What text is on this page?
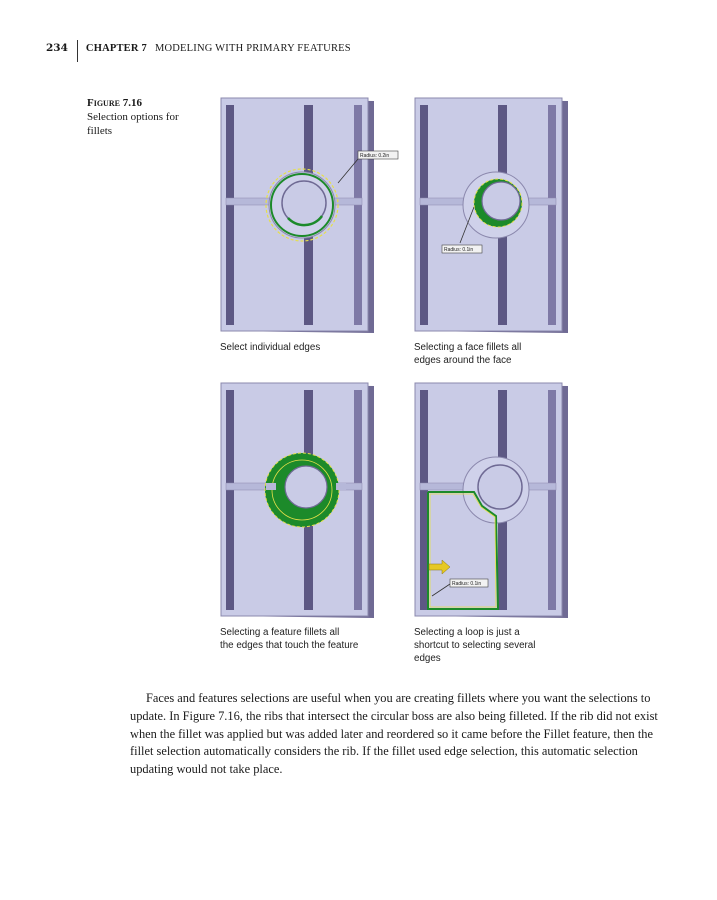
234 CHAPTER 7 MODELING WITH PRIMARY FEATURES
Figure 7.16
Selection options for fillets
Radius: 0.2in
Select individual edges
Radius: 0.1in
Selecting a face fillets all
edges around the face
Selecting a feature fillets all
the edges that touch the feature
Radius: 0.1in
Selecting a loop is just a
shortcut to selecting several
edges

Faces and features selections are useful when you are creating fillets where you want the selections to update. In Figure 7.16, the ribs that intersect the circular boss are also being filleted. If the rib did not exist when the fillet was applied but was added later and reordered so it came before the Fillet feature, then the fillet selection automatically considers the rib. If the fillet used edge selection, this automatic selection updating would not take place.
